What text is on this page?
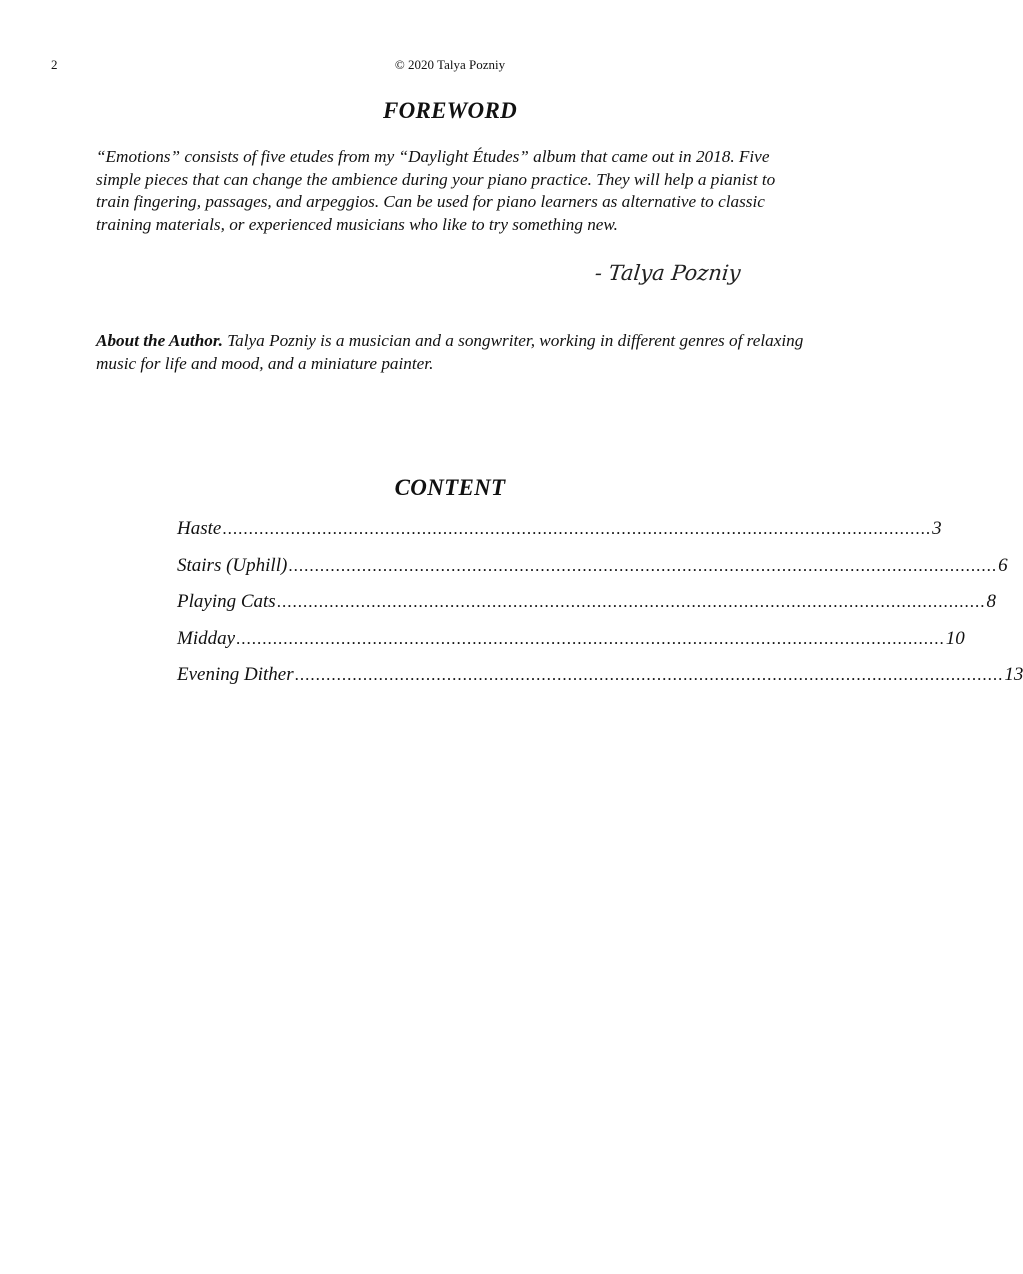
2	© 2020 Talya Pozniy
FOREWORD
“Emotions” consists of five etudes from my “Daylight Études” album that came out in 2018. Five simple pieces that can change the ambience during your piano practice. They will help a pianist to train fingering, passages, and arpeggios. Can be used for piano learners as alternative to classic training materials, or experienced musicians who like to try something new.
- Talya Pozniy
About the Author. Talya Pozniy is a musician and a songwriter, working in different genres of relaxing music for life and mood, and a miniature painter.
CONTENT
Haste ....................................................................................................................................... 3
Stairs (Uphill) ....................................................................................................................................... 6
Playing Cats ....................................................................................................................................... 8
Midday ....................................................................................................................................... 10
Evening Dither ....................................................................................................................................... 13
